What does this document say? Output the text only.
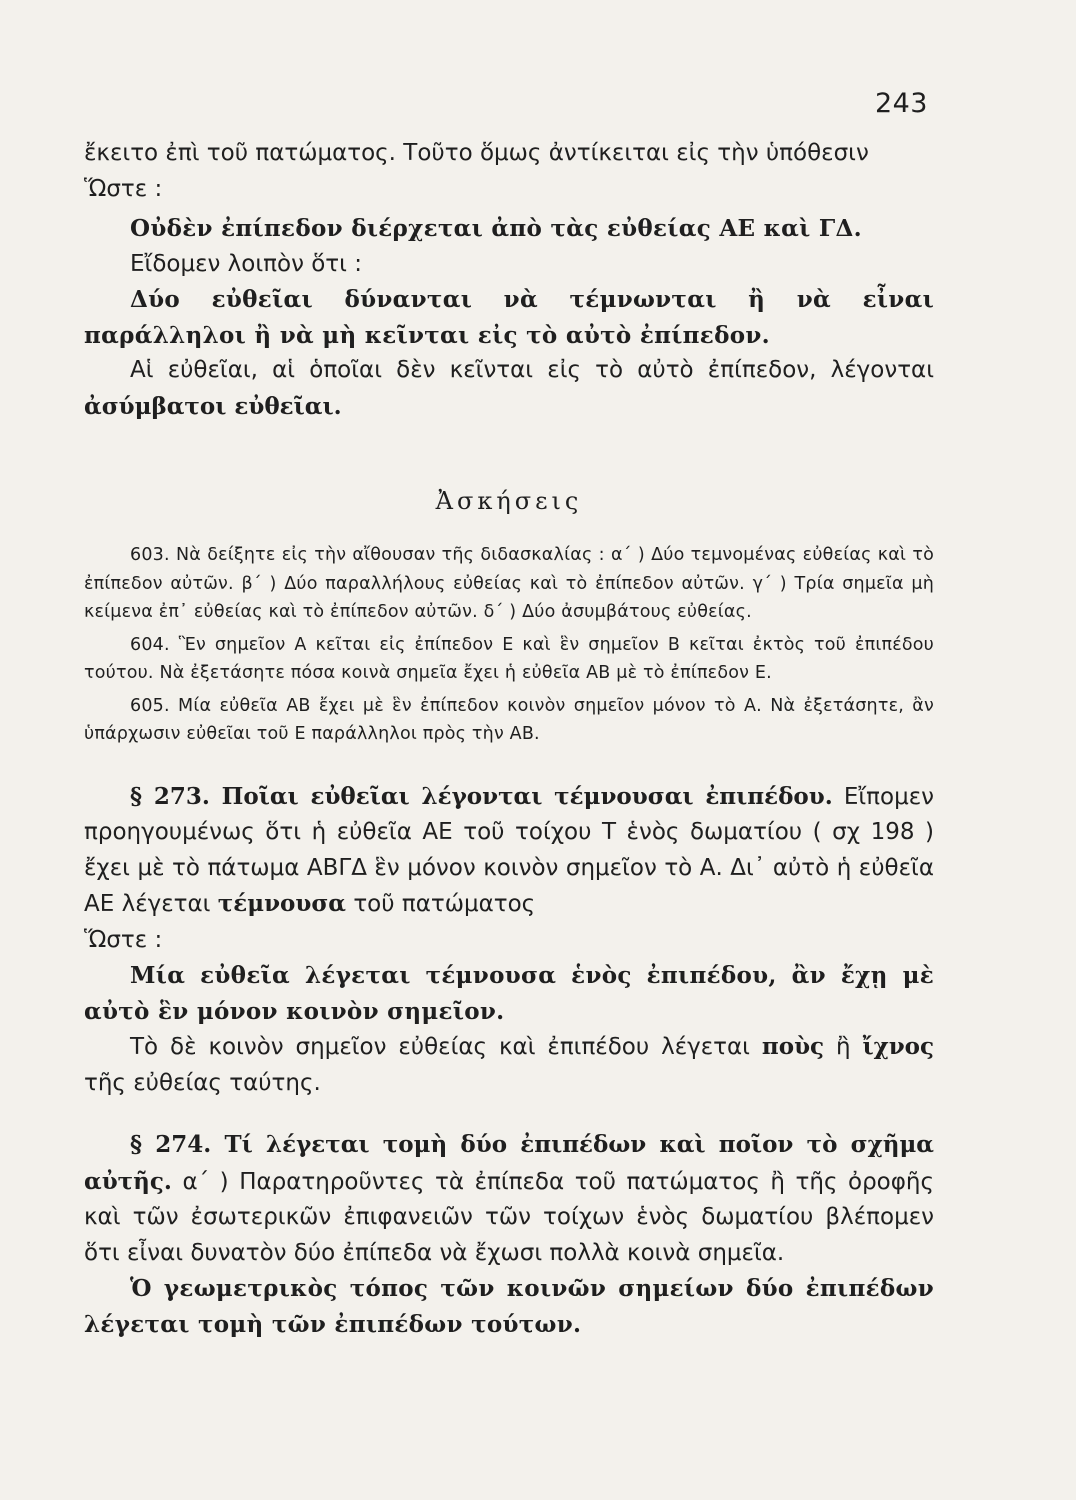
243

ἔκειτο ἐπὶ τοῦ πατώματος. Τοῦτο ὅμως ἀντίκειται εἰς τὴν ὑπόθεσιν

Ὥστε :

Οὐδὲν ἐπίπεδον διέρχεται ἀπὸ τὰς εὐθείας ΑΕ καὶ ΓΔ.

Εἴδομεν λοιπὸν ὅτι :

Δύο εὐθεῖαι δύνανται νὰ τέμνωνται ἢ νὰ εἶναι παράλληλοι ἢ νὰ μὴ κεῖνται εἰς τὸ αὐτὸ ἐπίπεδον.

Αἱ εὐθεῖαι, αἱ ὁποῖαι δὲν κεῖνται εἰς τὸ αὐτὸ ἐπίπεδον, λέγονται ἀσύμβατοι εὐθεῖαι.

Ἀσκήσεις

603. Νὰ δείξητε εἰς τὴν αἴθουσαν τῆς διδασκαλίας : α΄ ) Δύο τεμνομένας εὐθείας καὶ τὸ ἐπίπεδον αὐτῶν. β΄ ) Δύο παραλλήλους εὐθείας καὶ τὸ ἐπίπεδον αὐτῶν. γ΄ ) Τρία σημεῖα μὴ κείμενα ἐπ᾽ εὐθείας καὶ τὸ ἐπίπεδον αὐτῶν. δ΄ ) Δύο ἀσυμβάτους εὐθείας.

604. Ἓν σημεῖον Α κεῖται εἰς ἐπίπεδον Ε καὶ ἓν σημεῖον Β κεῖται ἐκτὸς τοῦ ἐπιπέδου τούτου. Νὰ ἐξετάσητε πόσα κοινὰ σημεῖα ἔχει ἡ εὐθεῖα ΑΒ μὲ τὸ ἐπίπεδον Ε.

605. Μία εὐθεῖα ΑΒ ἔχει μὲ ἓν ἐπίπεδον κοινὸν σημεῖον μόνον τὸ Α. Νὰ ἐξετάσητε, ἂν ὑπάρχωσιν εὐθεῖαι τοῦ Ε παράλληλοι πρὸς τὴν ΑΒ.

§ 273. Ποῖαι εὐθεῖαι λέγονται τέμνουσαι ἐπιπέδου. Εἴπομεν προηγουμένως ὅτι ἡ εὐθεῖα ΑΕ τοῦ τοίχου Τ ἑνὸς δωματίου ( σχ 198 ) ἔχει μὲ τὸ πάτωμα ΑΒΓΔ ἓν μόνον κοινὸν σημεῖον τὸ Α. Δι᾽ αὐτὸ ἡ εὐθεῖα ΑΕ λέγεται τέμνουσα τοῦ πατώματος

Ὥστε :

Μία εὐθεῖα λέγεται τέμνουσα ἑνὸς ἐπιπέδου, ἂν ἔχῃ μὲ αὐτὸ ἓν μόνον κοινὸν σημεῖον.

Τὸ δὲ κοινὸν σημεῖον εὐθείας καὶ ἐπιπέδου λέγεται ποὺς ἢ ἴχνος τῆς εὐθείας ταύτης.

§ 274. Τί λέγεται τομὴ δύο ἐπιπέδων καὶ ποῖον τὸ σχῆμα αὐτῆς. α΄ ) Παρατηροῦντες τὰ ἐπίπεδα τοῦ πατώματος ἢ τῆς ὀροφῆς καὶ τῶν ἐσωτερικῶν ἐπιφανειῶν τῶν τοίχων ἑνὸς δωματίου βλέπομεν ὅτι εἶναι δυνατὸν δύο ἐπίπεδα νὰ ἔχωσι πολλὰ κοινὰ σημεῖα.

Ὁ γεωμετρικὸς τόπος τῶν κοινῶν σημείων δύο ἐπιπέδων λέγεται τομὴ τῶν ἐπιπέδων τούτων.
